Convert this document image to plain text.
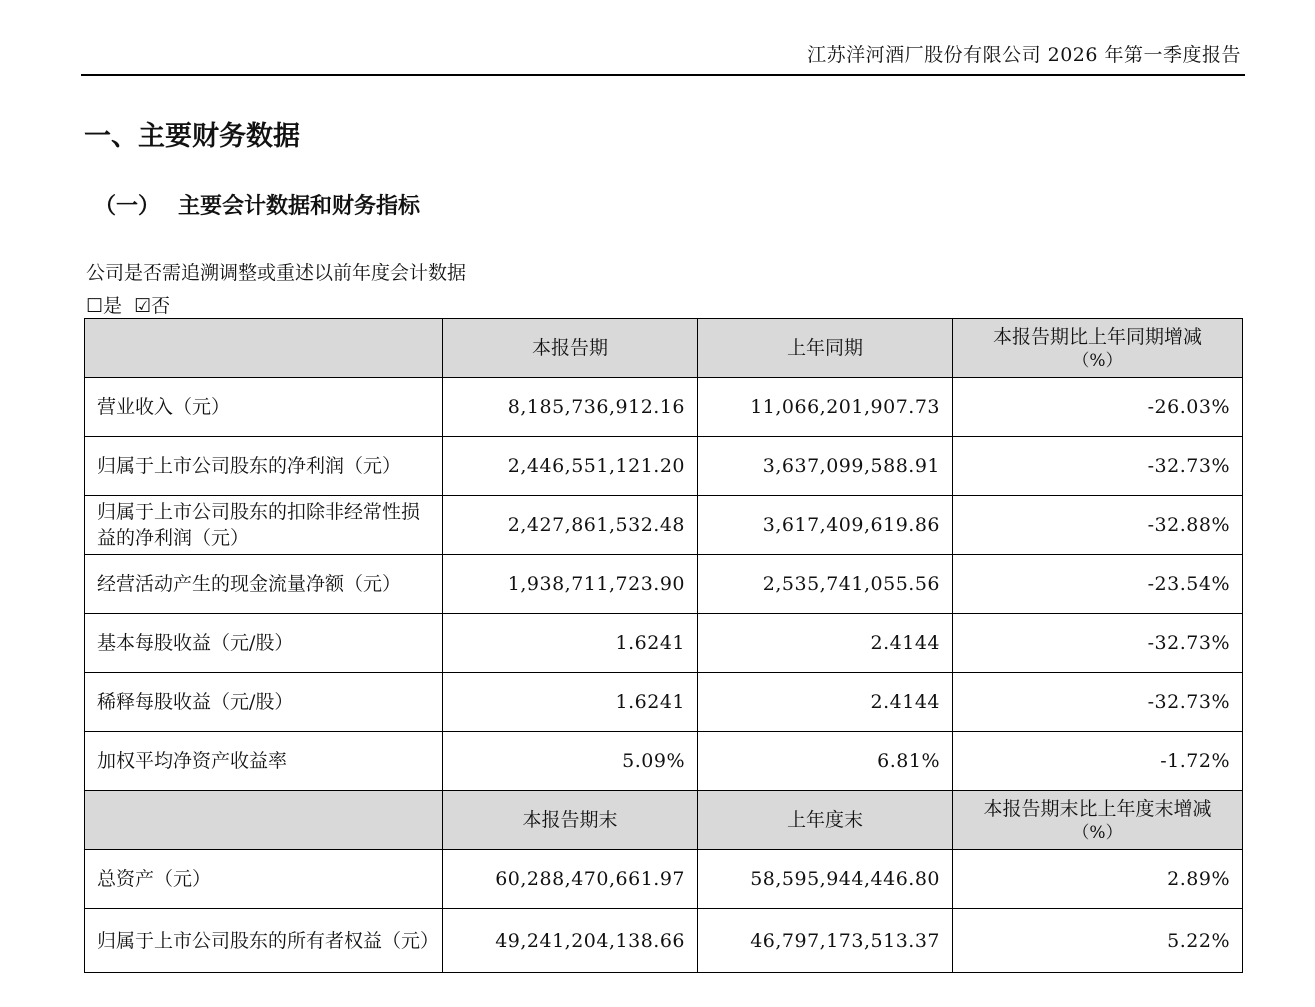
江苏洋河酒厂股份有限公司 2026 年第一季度报告
一、主要财务数据
（一） 主要会计数据和财务指标
公司是否需追溯调整或重述以前年度会计数据
☐是 ☑否
	本报告期	上年同期	本报告期比上年同期增减
（%）

营业收入（元）	8,185,736,912.16	11,066,201,907.73	-26.03%
归属于上市公司股东的净利润（元）	2,446,551,121.20	3,637,099,588.91	-32.73%
归属于上市公司股东的扣除非经常性损益的净利润（元）	2,427,861,532.48	3,617,409,619.86	-32.88%
经营活动产生的现金流量净额（元）	1,938,711,723.90	2,535,741,055.56	-23.54%
基本每股收益（元/股）	1.6241	2.4144	-32.73%
稀释每股收益（元/股）	1.6241	2.4144	-32.73%
加权平均净资产收益率	5.09%	6.81%	-1.72%
	本报告期末	上年度末	本报告期末比上年度末增减
（%）

总资产（元）	60,288,470,661.97	58,595,944,446.80	2.89%
归属于上市公司股东的所有者权益（元）	49,241,204,138.66	46,797,173,513.37	5.22%
